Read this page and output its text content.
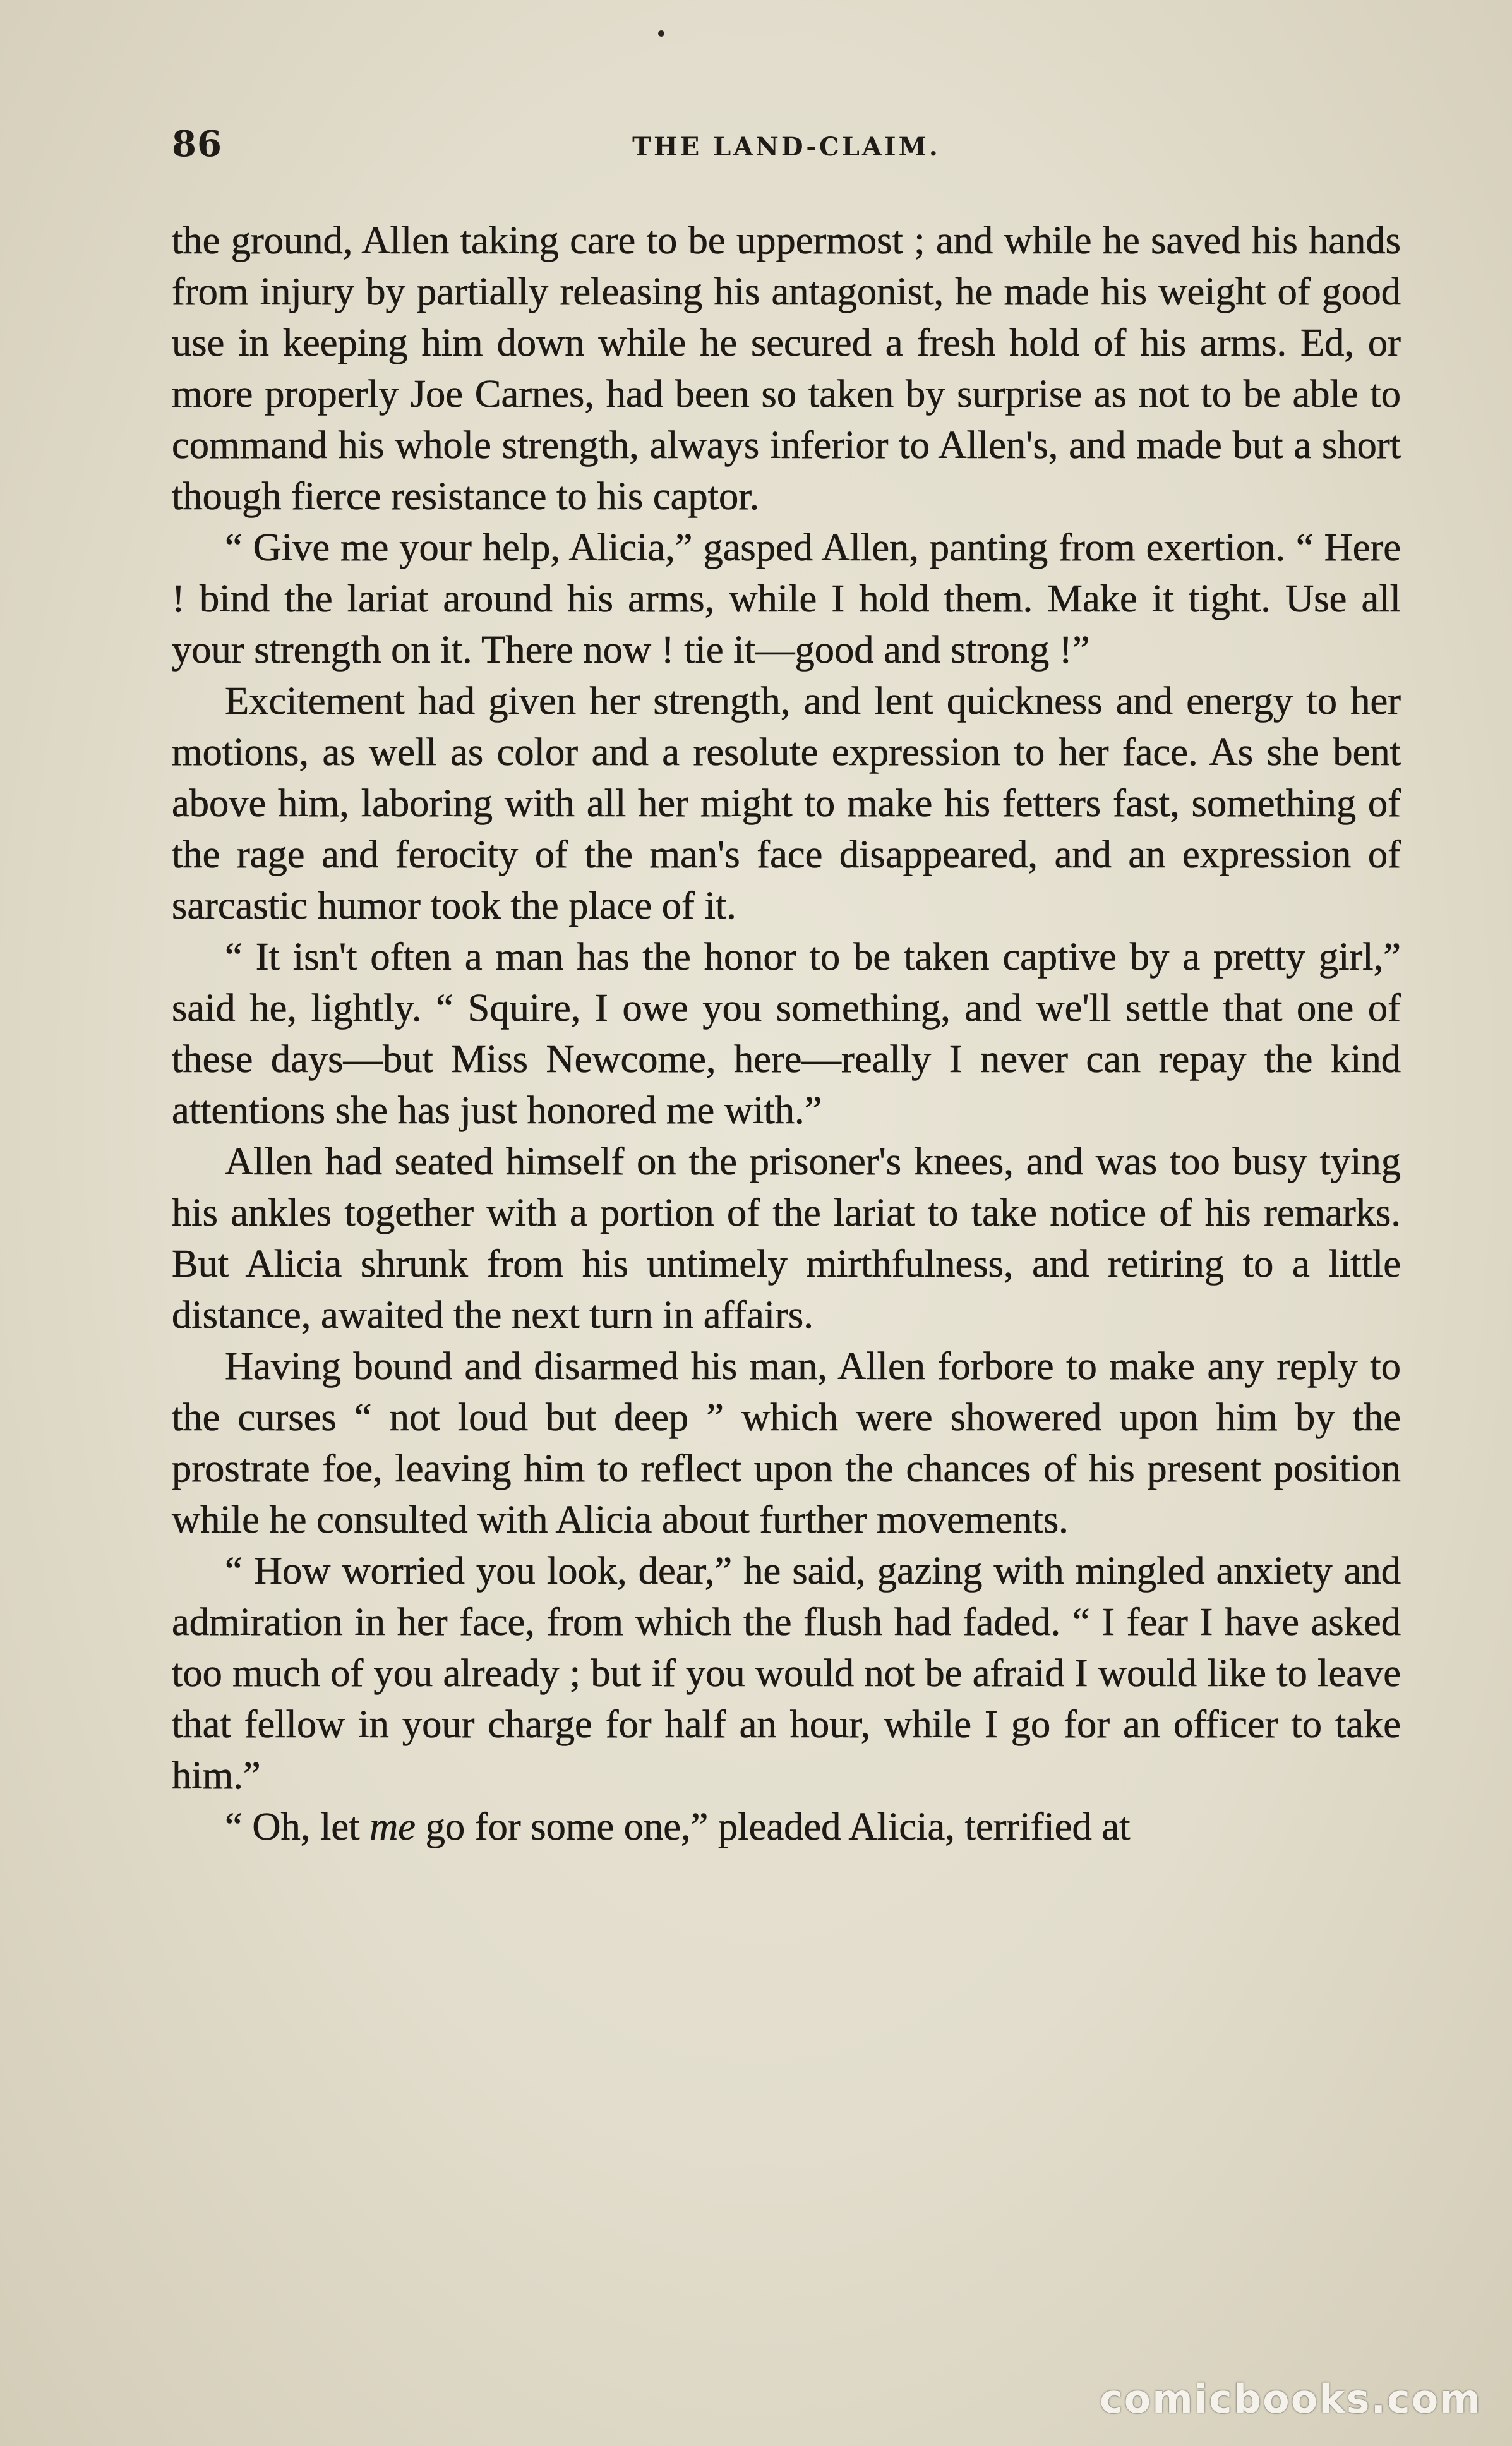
86	THE LAND-CLAIM.

the ground, Allen taking care to be uppermost ; and while he saved his hands from injury by partially releasing his antagonist, he made his weight of good use in keeping him down while he secured a fresh hold of his arms. Ed, or more properly Joe Carnes, had been so taken by surprise as not to be able to command his whole strength, always inferior to Allen's, and made but a short though fierce resistance to his captor.

“ Give me your help, Alicia,” gasped Allen, panting from exertion. “ Here ! bind the lariat around his arms, while I hold them. Make it tight. Use all your strength on it. There now ! tie it—good and strong !”

Excitement had given her strength, and lent quickness and energy to her motions, as well as color and a resolute expression to her face. As she bent above him, laboring with all her might to make his fetters fast, something of the rage and ferocity of the man's face disappeared, and an expression of sarcastic humor took the place of it.

“ It isn't often a man has the honor to be taken captive by a pretty girl,” said he, lightly. “ Squire, I owe you something, and we'll settle that one of these days—but Miss Newcome, here—really I never can repay the kind attentions she has just honored me with.”

Allen had seated himself on the prisoner's knees, and was too busy tying his ankles together with a portion of the lariat to take notice of his remarks. But Alicia shrunk from his untimely mirthfulness, and retiring to a little distance, awaited the next turn in affairs.

Having bound and disarmed his man, Allen forbore to make any reply to the curses “ not loud but deep ” which were showered upon him by the prostrate foe, leaving him to reflect upon the chances of his present position while he consulted with Alicia about further movements.

“ How worried you look, dear,” he said, gazing with mingled anxiety and admiration in her face, from which the flush had faded. “ I fear I have asked too much of you already ; but if you would not be afraid I would like to leave that fellow in your charge for half an hour, while I go for an officer to take him.”

“ Oh, let me go for some one,” pleaded Alicia, terrified at

comicbooks.com
